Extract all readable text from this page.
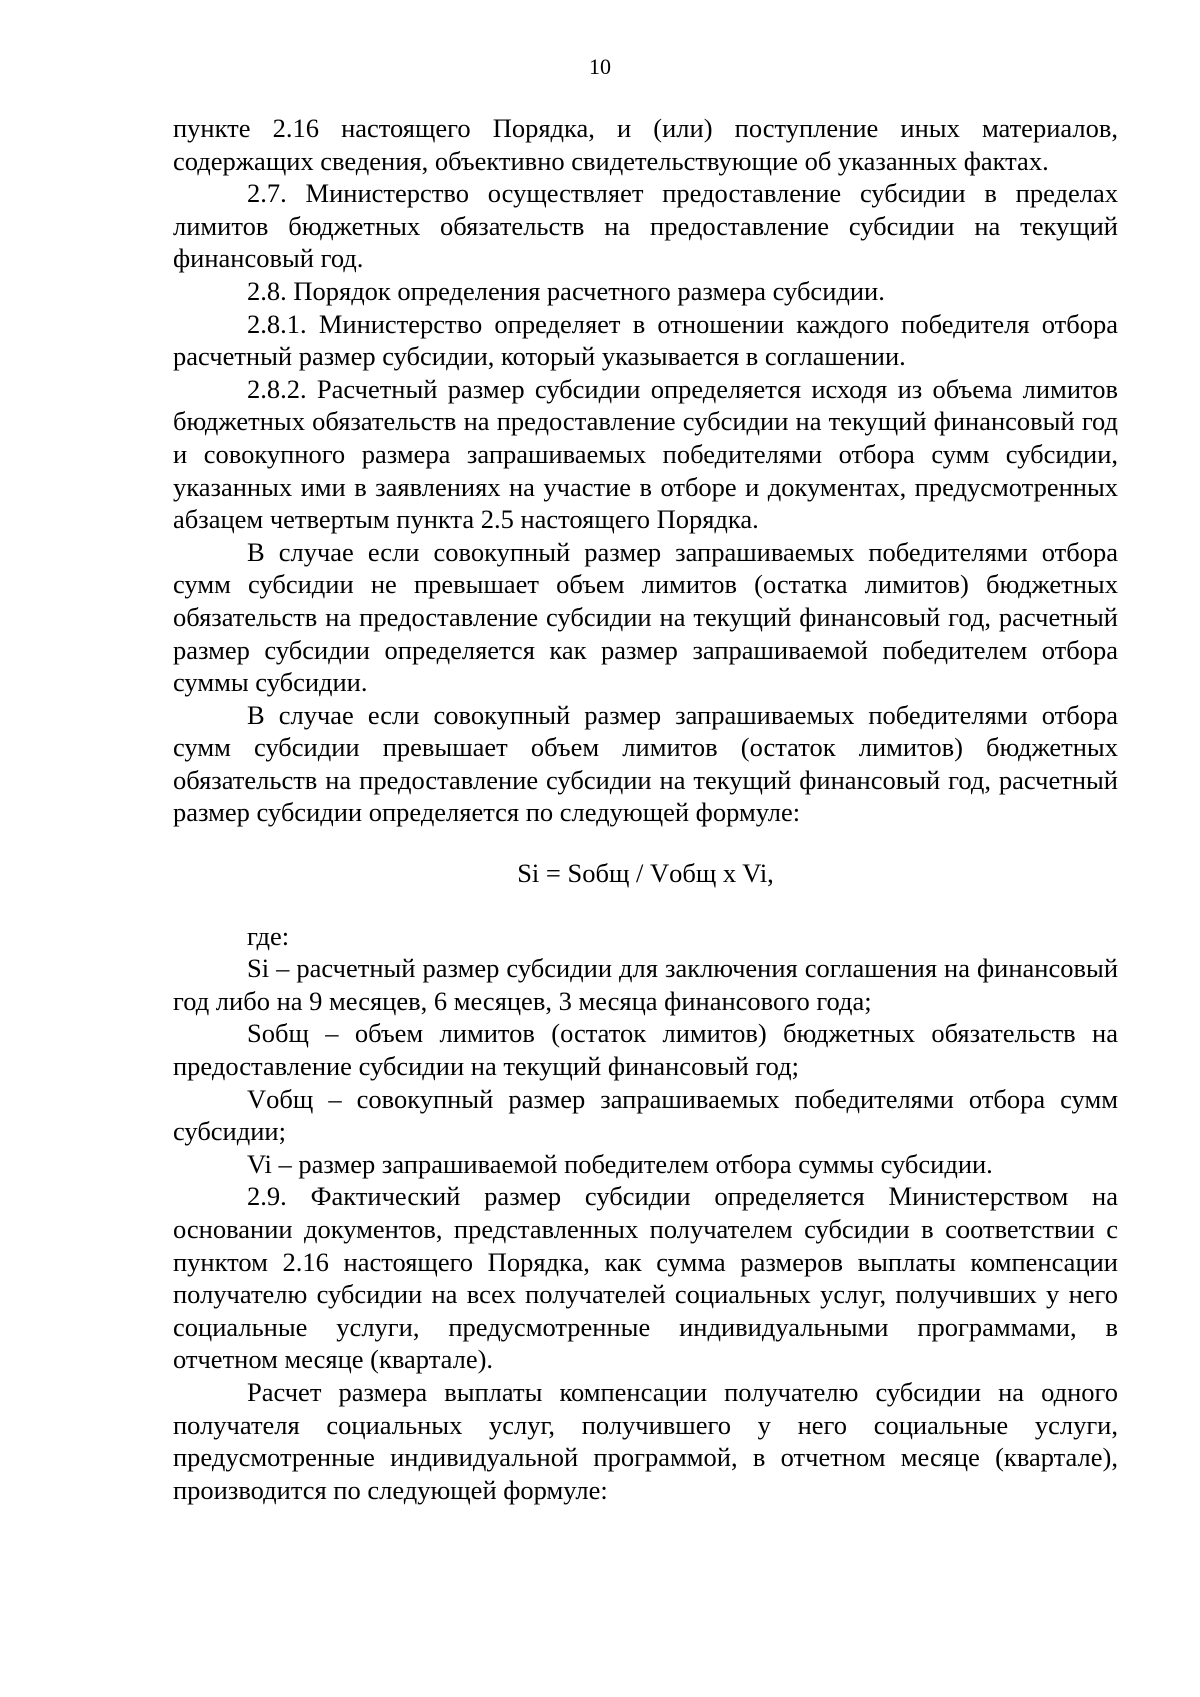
10

пункте 2.16 настоящего Порядка, и (или) поступление иных материалов, содержащих сведения, объективно свидетельствующие об указанных фактах.

2.7. Министерство осуществляет предоставление субсидии в пределах лимитов бюджетных обязательств на предоставление субсидии на текущий финансовый год.

2.8. Порядок определения расчетного размера субсидии.

2.8.1. Министерство определяет в отношении каждого победителя отбора расчетный размер субсидии, который указывается в соглашении.

2.8.2. Расчетный размер субсидии определяется исходя из объема лимитов бюджетных обязательств на предоставление субсидии на текущий финансовый год и совокупного размера запрашиваемых победителями отбора сумм субсидии, указанных ими в заявлениях на участие в отборе и документах, предусмотренных абзацем четвертым пункта 2.5 настоящего Порядка.

В случае если совокупный размер запрашиваемых победителями отбора сумм субсидии не превышает объем лимитов (остатка лимитов) бюджетных обязательств на предоставление субсидии на текущий финансовый год, расчетный размер субсидии определяется как размер запрашиваемой победителем отбора суммы субсидии.

В случае если совокупный размер запрашиваемых победителями отбора сумм субсидии превышает объем лимитов (остаток лимитов) бюджетных обязательств на предоставление субсидии на текущий финансовый год, расчетный размер субсидии определяется по следующей формуле:

Si = Sобщ / Vобщ x Vi,

где:

Si – расчетный размер субсидии для заключения соглашения на финансовый год либо на 9 месяцев, 6 месяцев, 3 месяца финансового года;

Sобщ – объем лимитов (остаток лимитов) бюджетных обязательств на предоставление субсидии на текущий финансовый год;

Vобщ – совокупный размер запрашиваемых победителями отбора сумм субсидии;

Vi – размер запрашиваемой победителем отбора суммы субсидии.

2.9. Фактический размер субсидии определяется Министерством на основании документов, представленных получателем субсидии в соответствии с пунктом 2.16 настоящего Порядка, как сумма размеров выплаты компенсации получателю субсидии на всех получателей социальных услуг, получивших у него социальные услуги, предусмотренные индивидуальными программами, в отчетном месяце (квартале).

Расчет размера выплаты компенсации получателю субсидии на одного получателя социальных услуг, получившего у него социальные услуги, предусмотренные индивидуальной программой, в отчетном месяце (квартале), производится по следующей формуле:
